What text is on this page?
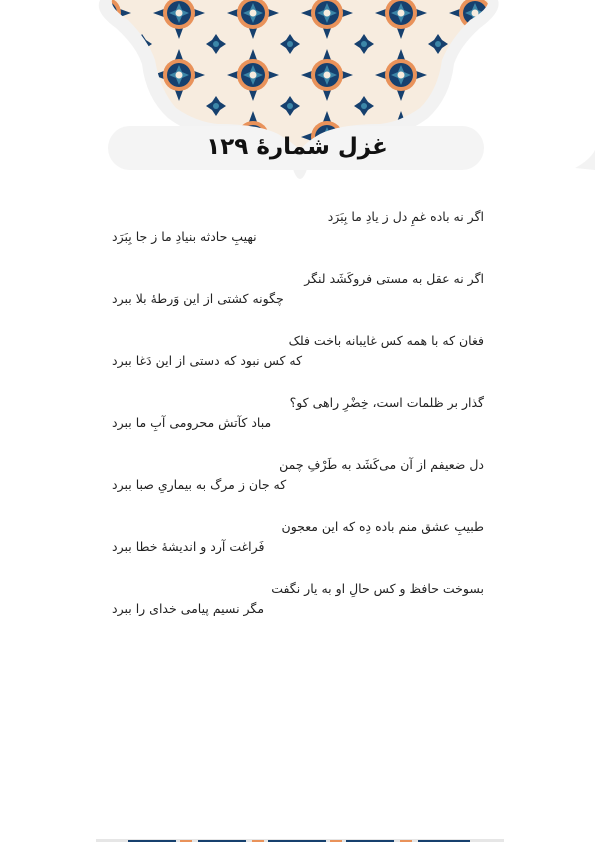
غزل شمارهٔ ۱۲۹
اگر نه باده غمِ دل ز یادِ ما بِبَرَد
نهیبِ حادثه بنیادِ ما ز جا بِبَرَد
اگر نه عقل به مستی فروکَشَد لنگر
چگونه کشتی از این وَرطهٔ بلا ببرد
فغان که با همه کس غایبانه باخت فلک
که کس نبود که دستی از این دَغا ببرد
گذار بر ظلمات است، خِضْرِ راهی کو؟
مباد کآتش محرومی آبِ ما ببرد
دل ضعیفم از آن می‌کَشَد به طَرْفِ چمن
که جان ز مرگ به بیماریِ صبا ببرد
طبیبِ عشق منم باده دِه که این معجون
فَراغت آرد و اندیشهٔ خطا ببرد
بسوخت حافظ و کس حالِ او به یار نگفت
مگر نسیم پیامی خدای را ببرد
